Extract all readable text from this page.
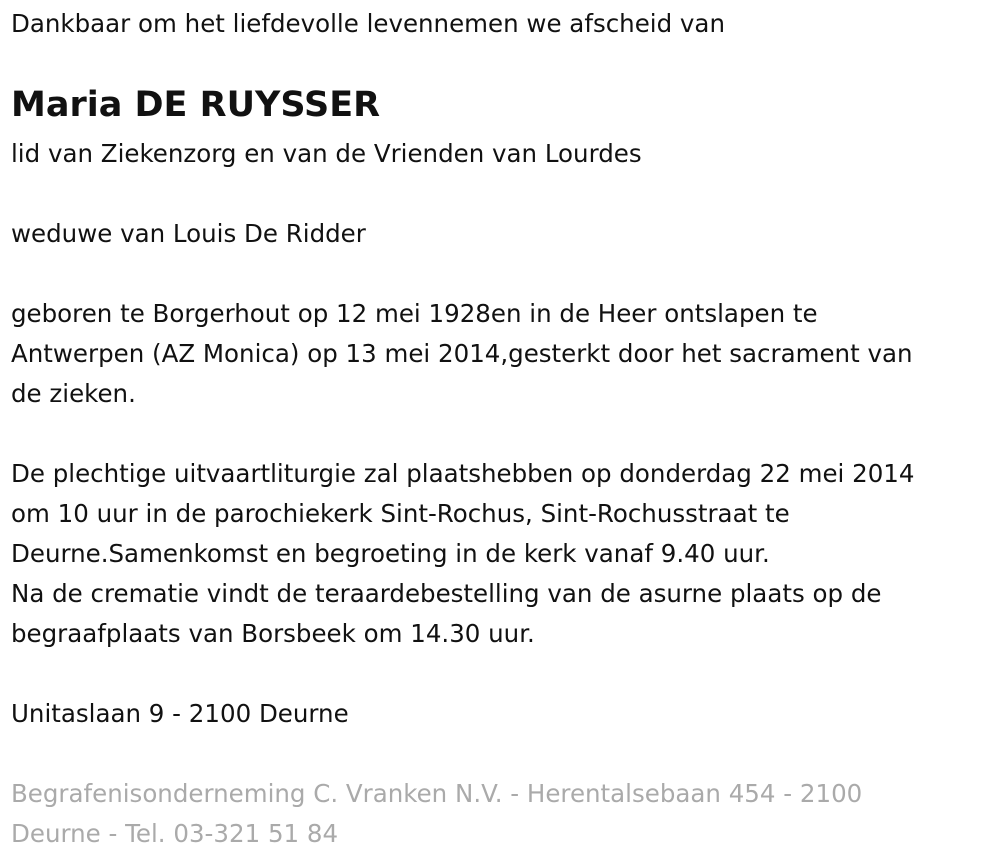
Dankbaar om het liefdevolle levennemen we afscheid van
Maria DE RUYSSER
lid van Ziekenzorg en van de Vrienden van Lourdes
weduwe van Louis De Ridder
geboren te Borgerhout op 12 mei 1928en in de Heer ontslapen te
Antwerpen (AZ Monica) op 13 mei 2014,gesterkt door het sacrament van
de zieken.
De plechtige uitvaartliturgie zal plaatshebben op donderdag 22 mei 2014
om 10 uur in de parochiekerk Sint-Rochus, Sint-Rochusstraat te
Deurne.Samenkomst en begroeting in de kerk vanaf 9.40 uur.
Na de crematie vindt de teraardebestelling van de asurne plaats op de
begraafplaats van Borsbeek om 14.30 uur.
Unitaslaan 9 - 2100 Deurne
Begrafenisonderneming C. Vranken N.V. - Herentalsebaan 454 - 2100
Deurne - Tel. 03-321 51 84
